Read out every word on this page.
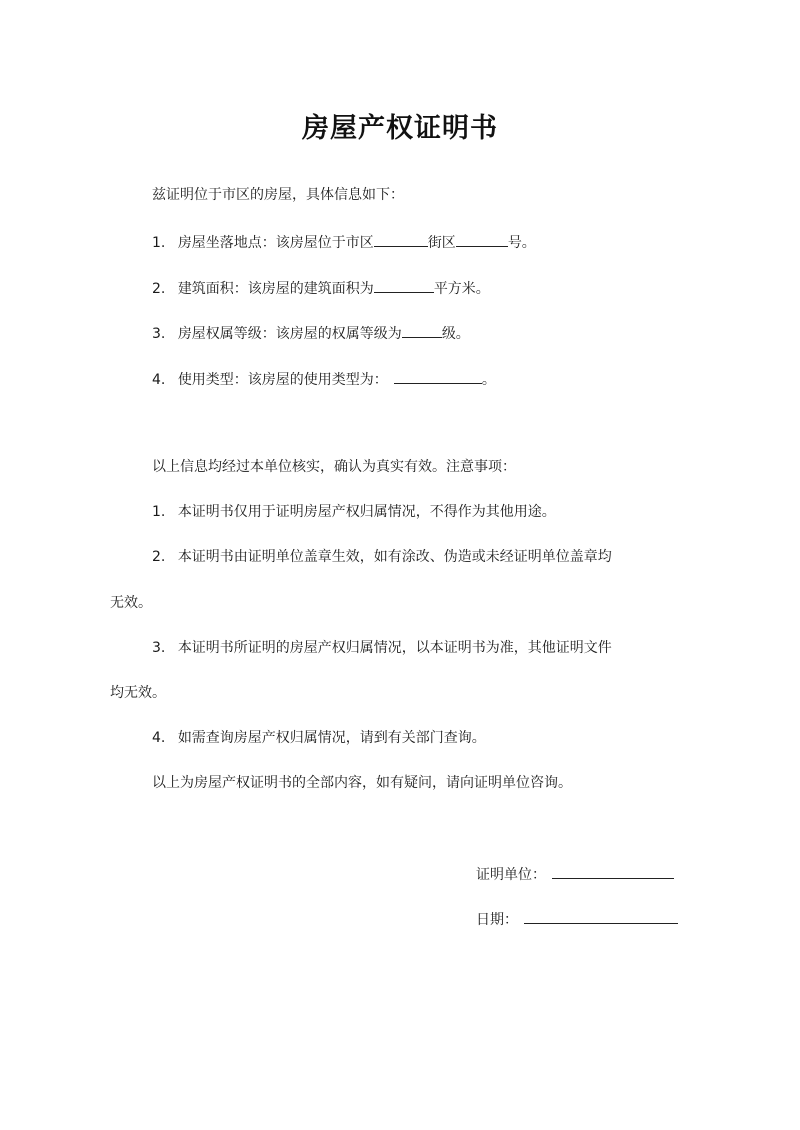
房屋产权证明书
兹证明位于市区的房屋，具体信息如下：
1. 房屋坐落地点：该房屋位于市区	街区	号。
2. 建筑面积：该房屋的建筑面积为	平方米。
3. 房屋权属等级：该房屋的权属等级为	级。
4. 使用类型：该房屋的使用类型为：	。
以上信息均经过本单位核实，确认为真实有效。注意事项：
1. 本证明书仅用于证明房屋产权归属情况，不得作为其他用途。
2. 本证明书由证明单位盖章生效，如有涂改、伪造或未经证明单位盖章均
无效。
3. 本证明书所证明的房屋产权归属情况，以本证明书为准，其他证明文件
均无效。
4. 如需查询房屋产权归属情况，请到有关部门查询。
以上为房屋产权证明书的全部内容，如有疑问，请向证明单位咨询。
证明单位：
日期：
